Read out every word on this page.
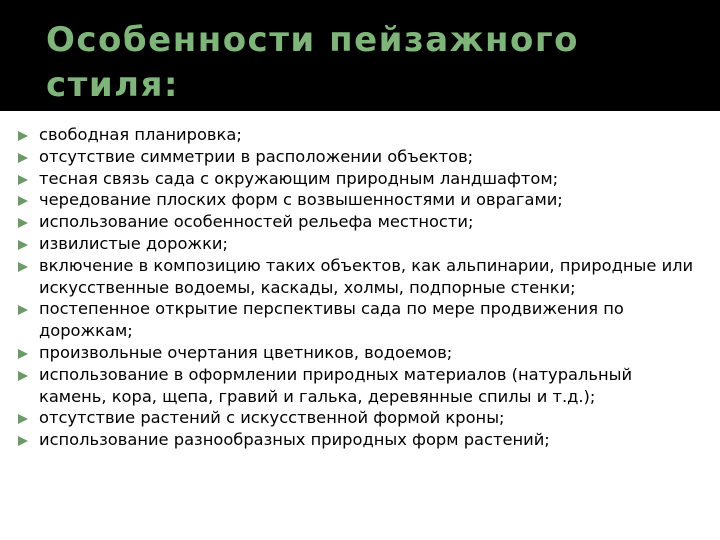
Особенности пейзажного стиля:
свободная планировка;
отсутствие симметрии в расположении объектов;
тесная связь сада с окружающим природным ландшафтом;
чередование плоских форм с возвышенностями и оврагами;
использование особенностей рельефа местности;
извилистые дорожки;
включение в композицию таких объектов, как альпинарии, природные или искусственные водоемы, каскады, холмы, подпорные стенки;
постепенное открытие перспективы сада по мере продвижения по дорожкам;
произвольные очертания цветников, водоемов;
использование в оформлении природных материалов (натуральный камень, кора, щепа, гравий и галька, деревянные спилы и т.д.);
отсутствие растений с искусственной формой кроны;
использование разнообразных природных форм растений;
